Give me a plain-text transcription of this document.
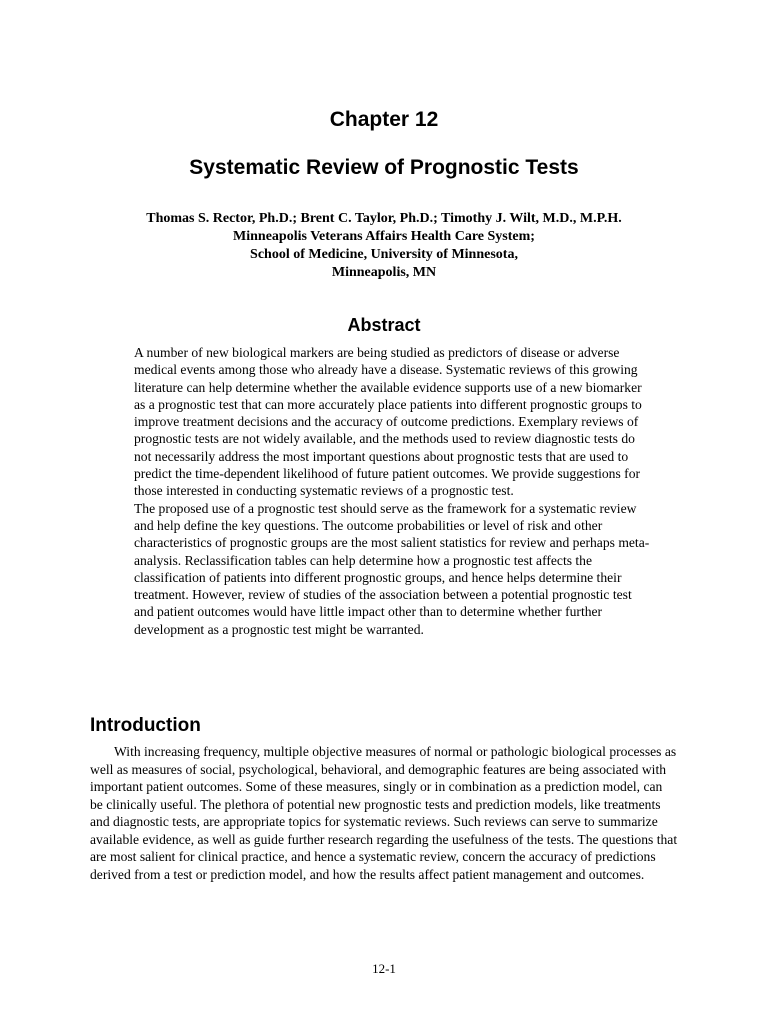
Chapter 12
Systematic Review of Prognostic Tests
Thomas S. Rector, Ph.D.; Brent C. Taylor, Ph.D.; Timothy J. Wilt, M.D., M.P.H.
Minneapolis Veterans Affairs Health Care System;
School of Medicine, University of Minnesota,
Minneapolis, MN
Abstract

A number of new biological markers are being studied as predictors of disease or adverse medical events among those who already have a disease. Systematic reviews of this growing literature can help determine whether the available evidence supports use of a new biomarker as a prognostic test that can more accurately place patients into different prognostic groups to improve treatment decisions and the accuracy of outcome predictions. Exemplary reviews of prognostic tests are not widely available, and the methods used to review diagnostic tests do not necessarily address the most important questions about prognostic tests that are used to predict the time-dependent likelihood of future patient outcomes. We provide suggestions for those interested in conducting systematic reviews of a prognostic test.

The proposed use of a prognostic test should serve as the framework for a systematic review and help define the key questions. The outcome probabilities or level of risk and other characteristics of prognostic groups are the most salient statistics for review and perhaps meta-analysis. Reclassification tables can help determine how a prognostic test affects the classification of patients into different prognostic groups, and hence helps determine their treatment. However, review of studies of the association between a potential prognostic test and patient outcomes would have little impact other than to determine whether further development as a prognostic test might be warranted.

Introduction

With increasing frequency, multiple objective measures of normal or pathologic biological processes as well as measures of social, psychological, behavioral, and demographic features are being associated with important patient outcomes. Some of these measures, singly or in combination as a prediction model, can be clinically useful. The plethora of potential new prognostic tests and prediction models, like treatments and diagnostic tests, are appropriate topics for systematic reviews. Such reviews can serve to summarize available evidence, as well as guide further research regarding the usefulness of the tests. The questions that are most salient for clinical practice, and hence a systematic review, concern the accuracy of predictions derived from a test or prediction model, and how the results affect patient management and outcomes.

12-1
